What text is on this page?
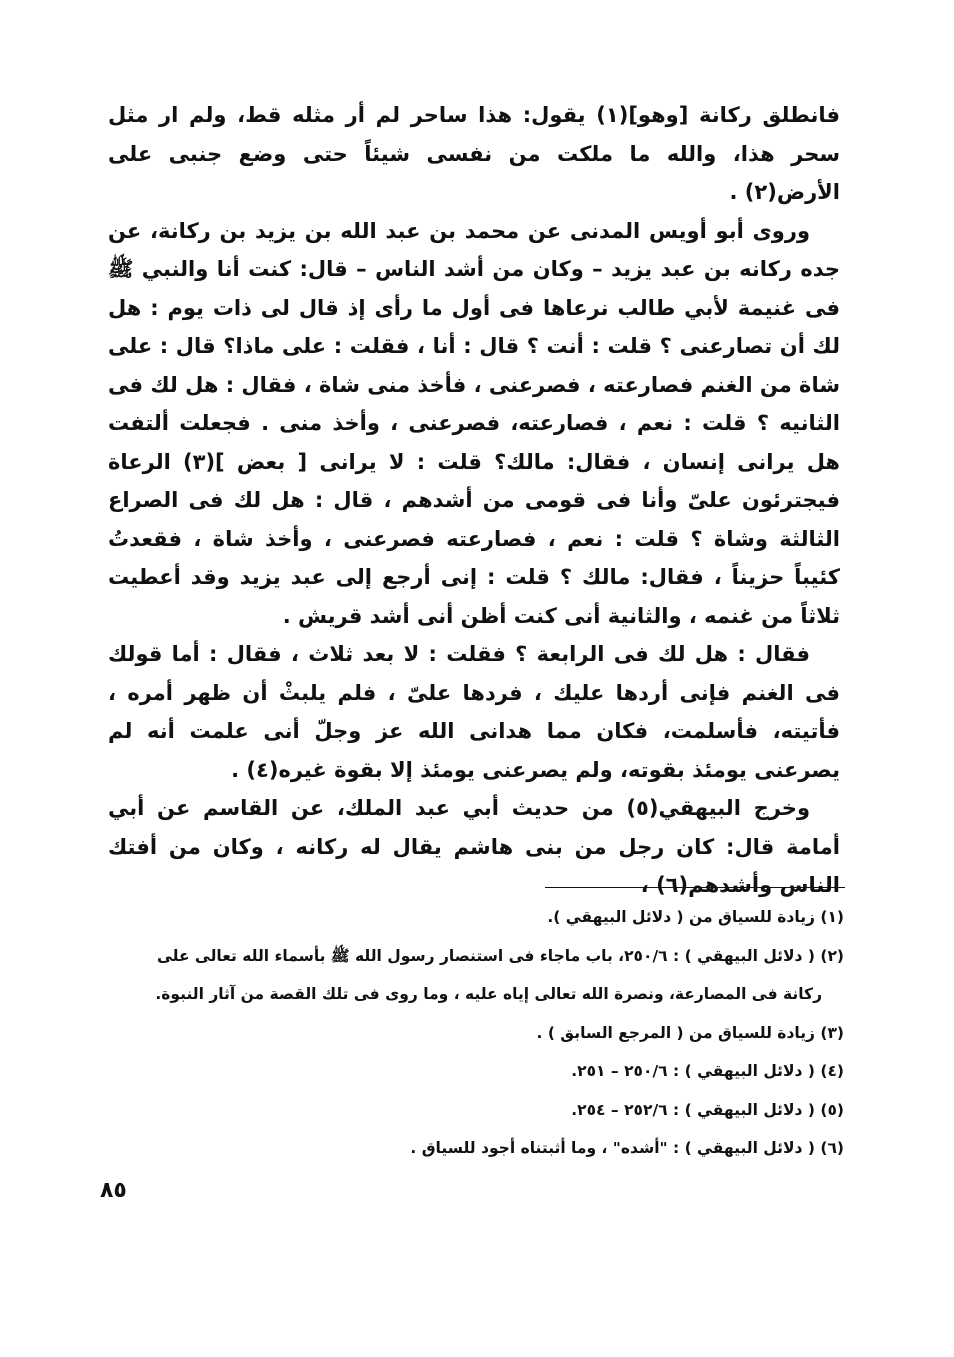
فانطلق ركانة [وهو](١) يقول: هذا ساحر لم أر مثله قط، ولم ار مثل سحر هذا، والله ما ملكت من نفسى شيئاً حتى وضع جنبى على الأرض(٢) .

وروى أبو أويس المدنى عن محمد بن عبد الله بن يزيد بن ركانة، عن جده ركانه بن عبد يزيد – وكان من أشد الناس – قال: كنت أنا والنبي ﷺ فى غنيمة لأبي طالب نرعاها فى أول ما رأى إذ قال لى ذات يوم : هل لك أن تصارعنى ؟ قلت : أنت ؟ قال : أنا ، فقلت : على ماذا؟ قال : على شاة من الغنم فصارعته ، فصرعنى ، فأخذ منى شاة ، فقال : هل لك فى الثانيه ؟ قلت : نعم ، فصارعته، فصرعنى ، وأخذ منى . فجعلت ألتفت هل يرانى إنسان ، فقال: مالك؟ قلت : لا يرانى [ بعض ](٣) الرعاة فيجترئون علىّ وأنا فى قومى من أشدهم ، قال : هل لك فى الصراع الثالثة وشاة ؟ قلت : نعم ، فصارعته فصرعنى ، وأخذ شاة ، فقعدتُ كئيباً حزيناً ، فقال: مالك ؟ قلت : إنى أرجع إلى عبد يزيد وقد أعطيت ثلاثاً من غنمه ، والثانية أنى كنت أظن أنى أشد قريش .

فقال : هل لك فى الرابعة ؟ فقلت : لا بعد ثلاث ، فقال : أما قولك فى الغنم فإنى أردها عليك ، فردها علىّ ، فلم يلبثْ أن ظهر أمره ، فأتيته، فأسلمت، فكان مما هدانى الله عز وجلّ أنى علمت أنه لم يصرعنى يومئذ بقوته، ولم يصرعنى يومئذ إلا بقوة غيره(٤) .

وخرج البيهقي(٥) من حديث أبي عبد الملك، عن القاسم عن أبي أمامة قال: كان رجل من بنى هاشم يقال له ركانه ، وكان من أفتك الناس وأشدهم(٦) ،

(١) زيادة للسياق من ( دلائل البيهقي ).

(٢) ( دلائل البيهقي ) : ٢٥٠/٦، باب ماجاء فى استنصار رسول الله ﷺ بأسماء الله تعالى على

ركانة فى المصارعة، ونصرة الله تعالى إياه عليه ، وما روى فى تلك القصة من آثار النبوة.

(٣) زيادة للسياق من ( المرجع السابق ) .

(٤) ( دلائل البيهقي ) : ٢٥٠/٦ – ٢٥١.

(٥) ( دلائل البيهقي ) : ٢٥٢/٦ – ٢٥٤.

(٦) ( دلائل البيهقي ) : "أشده" ، وما أثبتناه أجود للسياق .

٨٥
